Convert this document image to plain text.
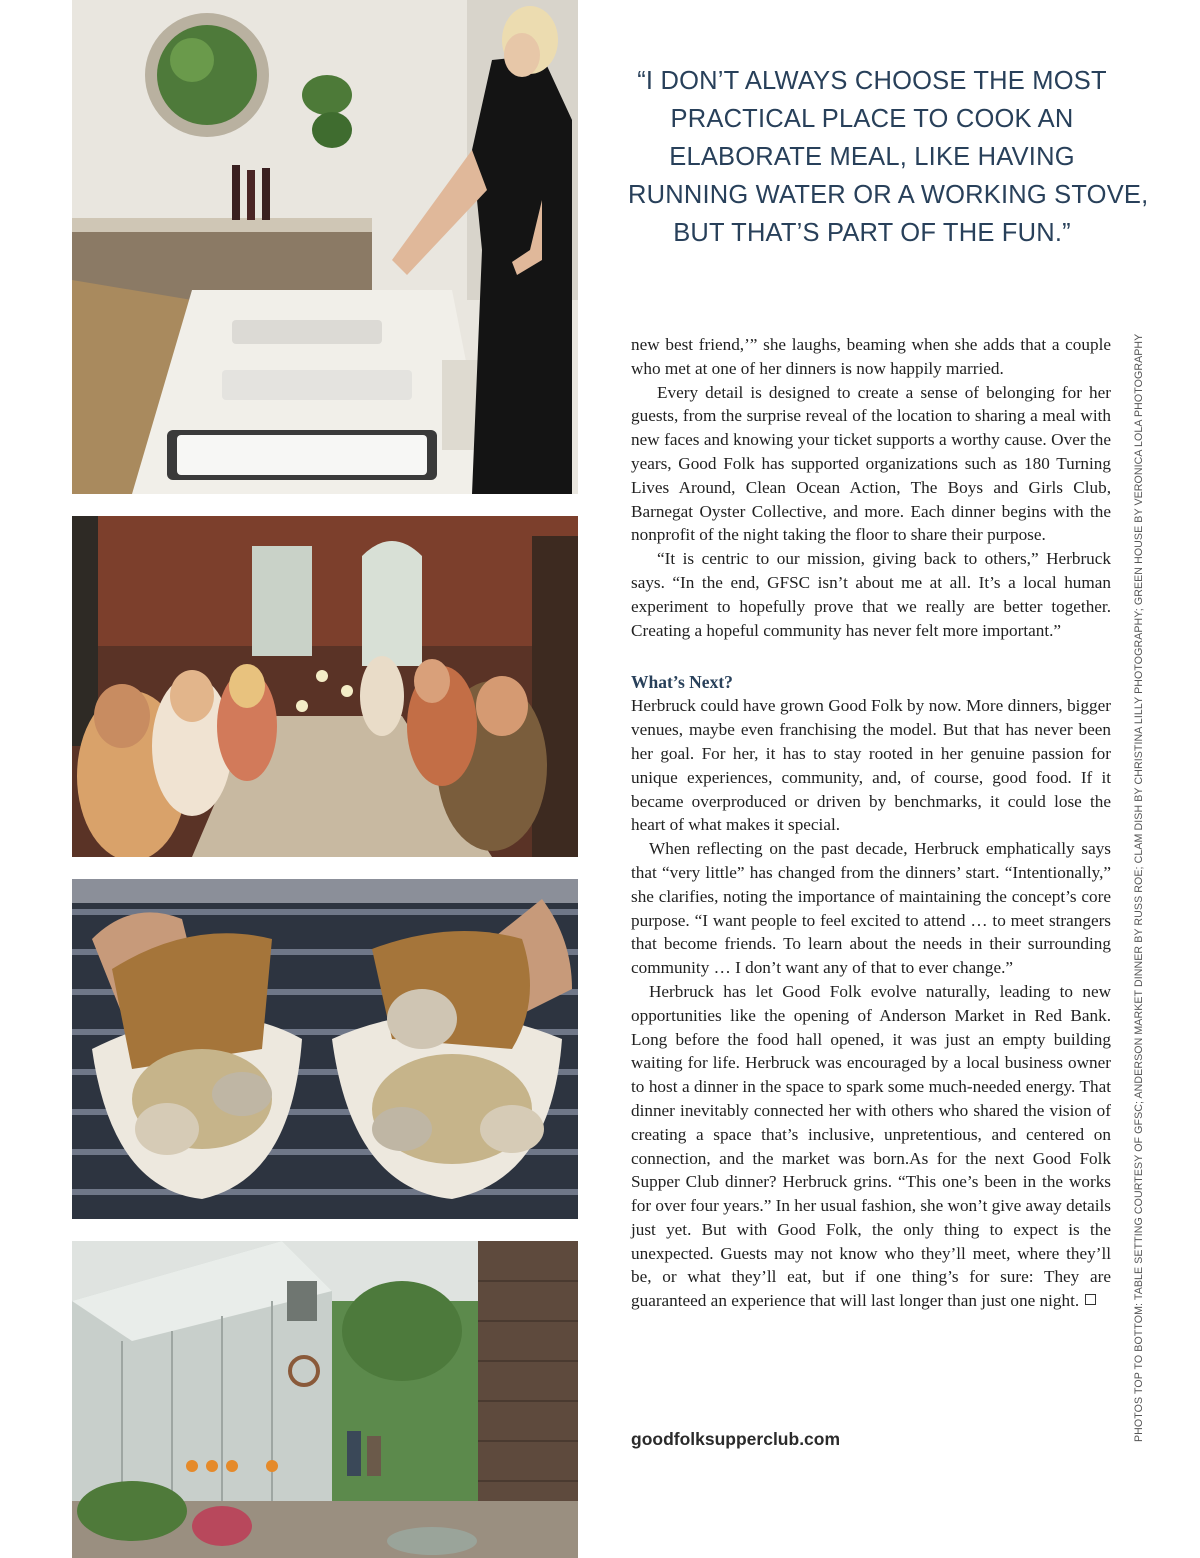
“I DON’T ALWAYS CHOOSE THE MOST
PRACTICAL PLACE TO COOK AN
ELABORATE MEAL, LIKE HAVING
RUNNING WATER OR A WORKING STOVE,
BUT THAT’S PART OF THE FUN.”

new best friend,’” she laughs, beaming when she adds that a couple who met at one of her dinners is now happily married.

Every detail is designed to create a sense of belonging for her guests, from the surprise reveal of the location to sharing a meal with new faces and knowing your ticket supports a worthy cause. Over the years, Good Folk has supported organizations such as 180 Turning Lives Around, Clean Ocean Action, The Boys and Girls Club, Barnegat Oyster Collective, and more. Each dinner begins with the nonprofit of the night taking the floor to share their purpose.

“It is centric to our mission, giving back to others,” Herbruck says. “In the end, GFSC isn’t about me at all. It’s a local human experiment to hopefully prove that we really are better together. Creating a hopeful community has never felt more important.”

What’s Next?

Herbruck could have grown Good Folk by now. More dinners, bigger venues, maybe even franchising the model. But that has never been her goal. For her, it has to stay rooted in her genuine passion for unique experiences, community, and, of course, good food. If it became overproduced or driven by benchmarks, it could lose the heart of what makes it special.

When reflecting on the past decade, Herbruck emphatically says that “very little” has changed from the dinners’ start. “Intentionally,” she clarifies, noting the importance of maintaining the concept’s core purpose. “I want people to feel excited to attend … to meet strangers that become friends. To learn about the needs in their surrounding community … I don’t want any of that to ever change.”

Herbruck has let Good Folk evolve naturally, leading to new opportunities like the opening of Anderson Market in Red Bank. Long before the food hall opened, it was just an empty building waiting for life. Herbruck was encouraged by a local business owner to host a dinner in the space to spark some much-needed energy. That dinner inevitably connected her with others who shared the vision of creating a space that’s inclusive, unpretentious, and centered on connection, and the market was born.As for the next Good Folk Supper Club dinner? Herbruck grins. “This one’s been in the works for over four years.” In her usual fashion, she won’t give away details just yet. But with Good Folk, the only thing to expect is the unexpected. Guests may not know who they’ll meet, where they’ll be, or what they’ll eat, but if one thing’s for sure: They are guaranteed an experience that will last longer than just one night.

goodfolksupperclub.com	PHOTOS TOP TO BOTTOM: TABLE SETTING COURTESY OF GFSC; ANDERSON MARKET DINNER BY RUSS ROE; CLAM DISH BY CHRISTINA LILLY PHOTOGRAPHY; GREEN HOUSE BY VERONICA LOLA PHOTOGRAPHY
